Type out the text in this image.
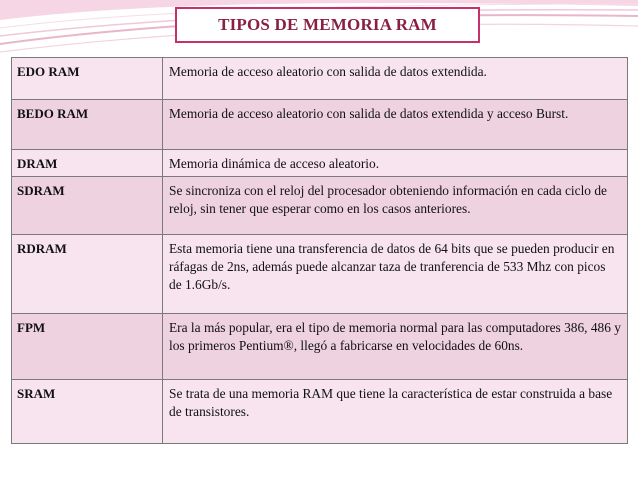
TIPOS DE MEMORIA RAM
EDO RAM	Memoria de acceso aleatorio con salida de datos extendida.
BEDO RAM	Memoria de acceso aleatorio con salida de datos extendida y acceso Burst.
DRAM	Memoria dinámica de acceso aleatorio.
SDRAM	Se sincroniza con el reloj del procesador obteniendo información en cada ciclo de reloj, sin tener que esperar como en los casos anteriores.
RDRAM	Esta memoria tiene una transferencia de datos de 64 bits que se pueden producir en ráfagas de 2ns, además puede alcanzar taza de tranferencia de 533 Mhz con picos de 1.6Gb/s.
FPM	Era la más popular, era el tipo de memoria normal para las computadores 386, 486 y los primeros Pentium®, llegó a fabricarse en velocidades de 60ns.
SRAM	Se trata de una memoria RAM que tiene la característica de estar construida a base de transistores.
